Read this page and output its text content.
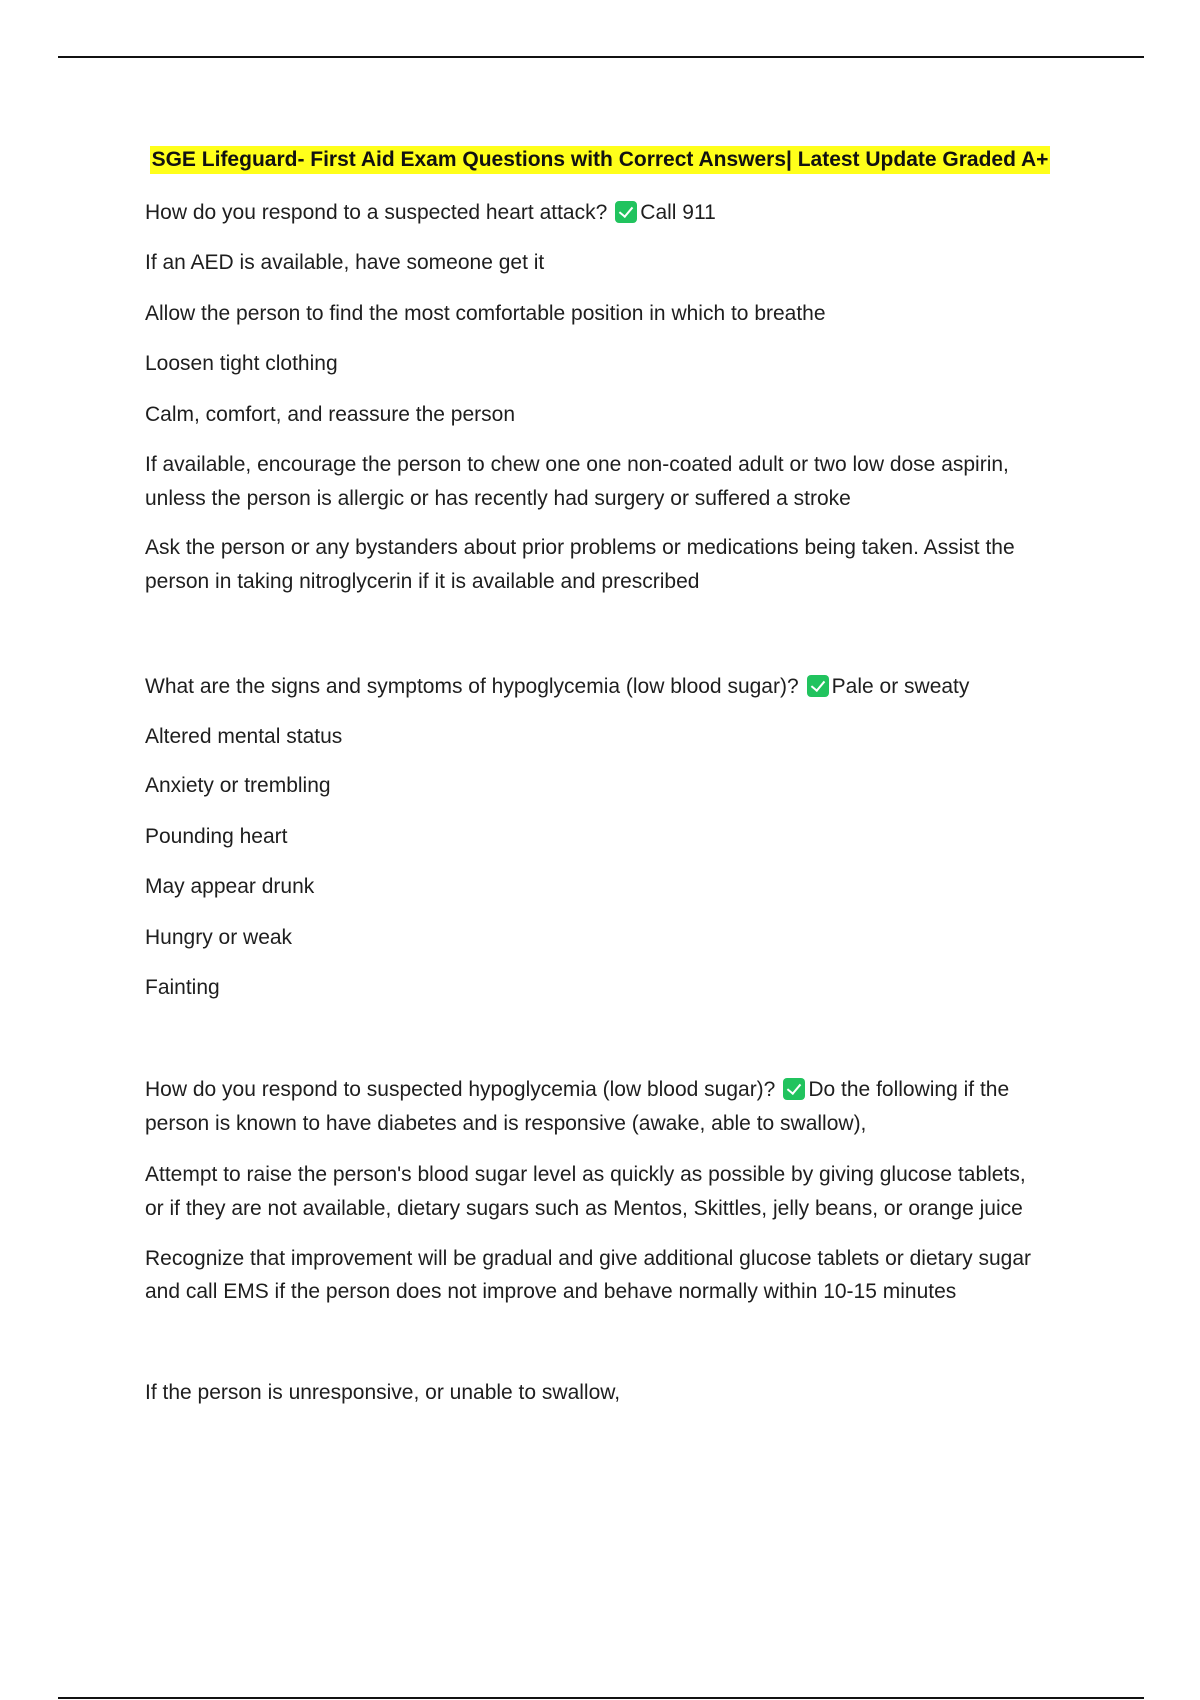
SGE Lifeguard- First Aid Exam Questions with Correct Answers| Latest Update Graded A+

How do you respond to a suspected heart attack? Call 911

If an AED is available, have someone get it

Allow the person to find the most comfortable position in which to breathe

Loosen tight clothing

Calm, comfort, and reassure the person

If available, encourage the person to chew one one non-coated adult or two low dose aspirin,

unless the person is allergic or has recently had surgery or suffered a stroke

Ask the person or any bystanders about prior problems or medications being taken. Assist the

person in taking nitroglycerin if it is available and prescribed

What are the signs and symptoms of hypoglycemia (low blood sugar)? Pale or sweaty

Altered mental status

Anxiety or trembling

Pounding heart

May appear drunk

Hungry or weak

Fainting

How do you respond to suspected hypoglycemia (low blood sugar)? Do the following if the

person is known to have diabetes and is responsive (awake, able to swallow),

Attempt to raise the person's blood sugar level as quickly as possible by giving glucose tablets,

or if they are not available, dietary sugars such as Mentos, Skittles, jelly beans, or orange juice

Recognize that improvement will be gradual and give additional glucose tablets or dietary sugar

and call EMS if the person does not improve and behave normally within 10-15 minutes

If the person is unresponsive, or unable to swallow,
